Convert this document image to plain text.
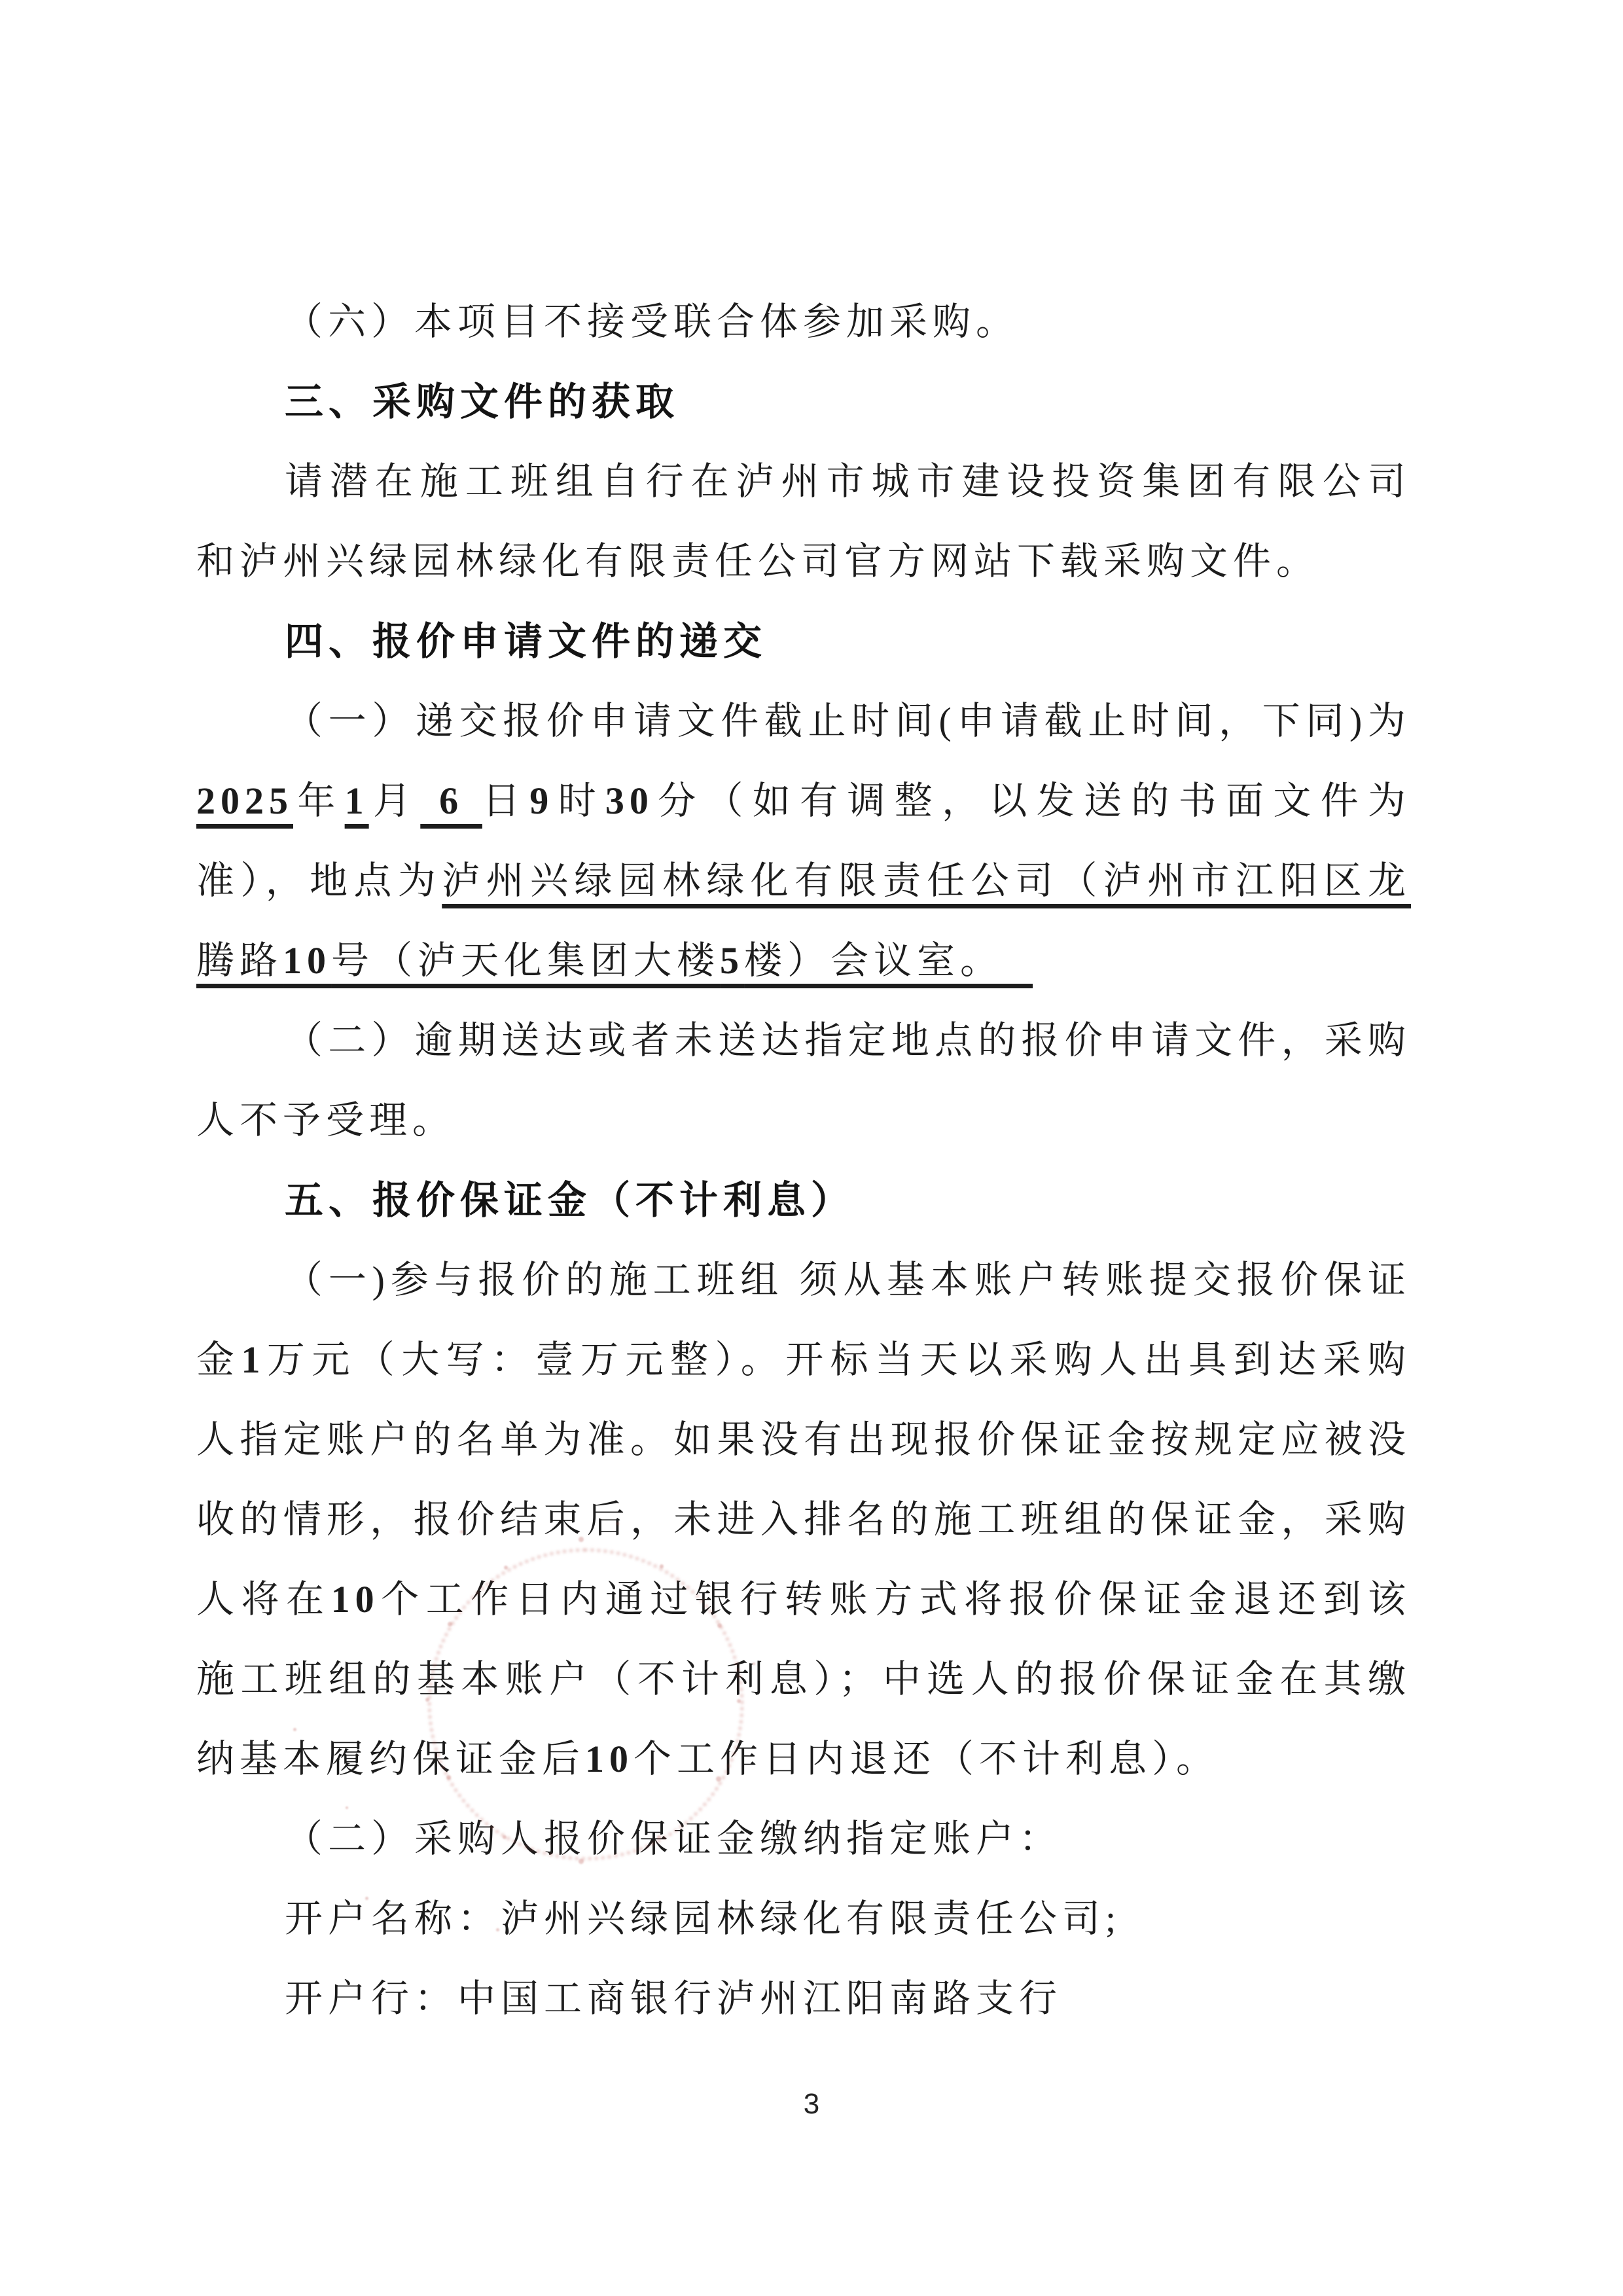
（六）本项目不接受联合体参加采购。
三、采购文件的获取
请潜在施工班组自行在泸州市城市建设投资集团有限公司
和泸州兴绿园林绿化有限责任公司官方网站下载采购文件。
四、报价申请文件的递交
（一）递交报价申请文件截止时间(申请截止时间，下同)为
2025年1月 6 日9时30分（如有调整，以发送的书面文件为
准），地点为泸州兴绿园林绿化有限责任公司（泸州市江阳区龙
腾路10号（泸天化集团大楼5楼）会议室。
（二）逾期送达或者未送达指定地点的报价申请文件，采购
人不予受理。
五、报价保证金（不计利息）
（一)参与报价的施工班组 须从基本账户转账提交报价保证
金1万元（大写：壹万元整）。开标当天以采购人出具到达采购
人指定账户的名单为准。如果没有出现报价保证金按规定应被没
收的情形，报价结束后，未进入排名的施工班组的保证金，采购
人将在10个工作日内通过银行转账方式将报价保证金退还到该
施工班组的基本账户（不计利息）；中选人的报价保证金在其缴
纳基本履约保证金后10个工作日内退还（不计利息）。
（二）采购人报价保证金缴纳指定账户：
开户名称：泸州兴绿园林绿化有限责任公司;
开户行：中国工商银行泸州江阳南路支行
3
